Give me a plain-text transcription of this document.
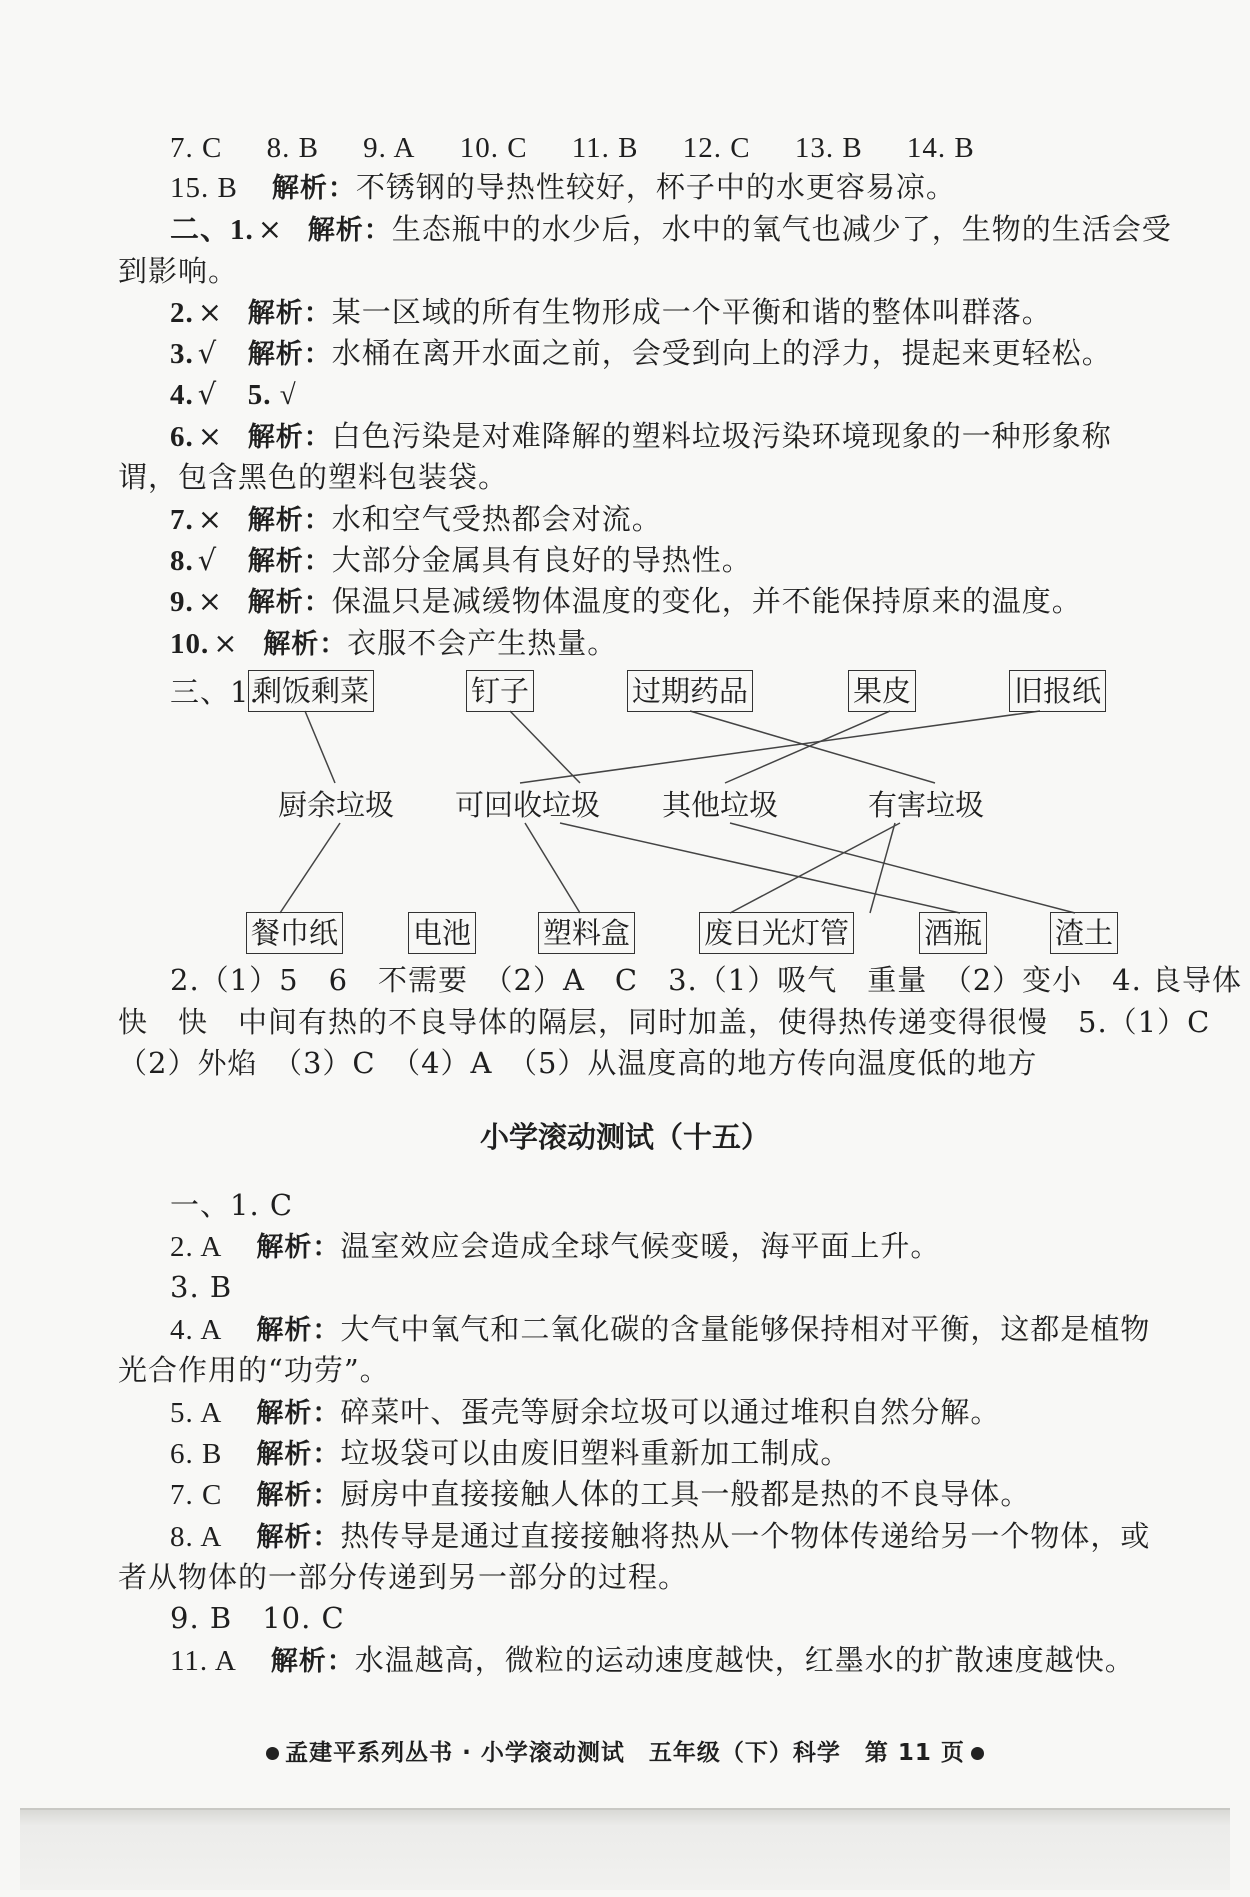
7. C 8. B 9. A 10. C 11. B 12. C 13. B 14. B
15. B 解析：不锈钢的导热性较好，杯子中的水更容易凉。
二、1. × 解析：生态瓶中的水少后，水中的氧气也减少了，生物的生活会受
到影响。
2. × 解析：某一区域的所有生物形成一个平衡和谐的整体叫群落。
3. √ 解析：水桶在离开水面之前，会受到向上的浮力，提起来更轻松。
4. √ 5. √
6. × 解析：白色污染是对难降解的塑料垃圾污染环境现象的一种形象称
谓，包含黑色的塑料包装袋。
7. × 解析：水和空气受热都会对流。
8. √ 解析：大部分金属具有良好的导热性。
9. × 解析：保温只是减缓物体温度的变化，并不能保持原来的温度。
10. × 解析：衣服不会产生热量。
三、1.
剩饭剩菜	钉子	过期药品	果皮	旧报纸
厨余垃圾 可回收垃圾 其他垃圾	有害垃圾
餐巾纸	电池 塑料盒	废日光灯管	酒瓶	渣土
2.（1）5　6　不需要　（2）A　C　3.（1）吸气　重量　（2）变小　4. 良导体
快　快　中间有热的不良导体的隔层，同时加盖，使得热传递变得很慢　5.（1）C
（2）外焰　（3）C　（4）A　（5）从温度高的地方传向温度低的地方
小学滚动测试（十五）
一、1. C
2. A 解析：温室效应会造成全球气候变暖，海平面上升。
3. B
4. A 解析：大气中氧气和二氧化碳的含量能够保持相对平衡，这都是植物
光合作用的“功劳”。
5. A 解析：碎菜叶、蛋壳等厨余垃圾可以通过堆积自然分解。
6. B 解析：垃圾袋可以由废旧塑料重新加工制成。
7. C 解析：厨房中直接接触人体的工具一般都是热的不良导体。
8. A 解析：热传导是通过直接接触将热从一个物体传递给另一个物体，或
者从物体的一部分传递到另一部分的过程。
9. B　10. C
11. A 解析：水温越高，微粒的运动速度越快，红墨水的扩散速度越快。
孟建平系列丛书 · 小学滚动测试　五年级（下）科学　第 11 页
